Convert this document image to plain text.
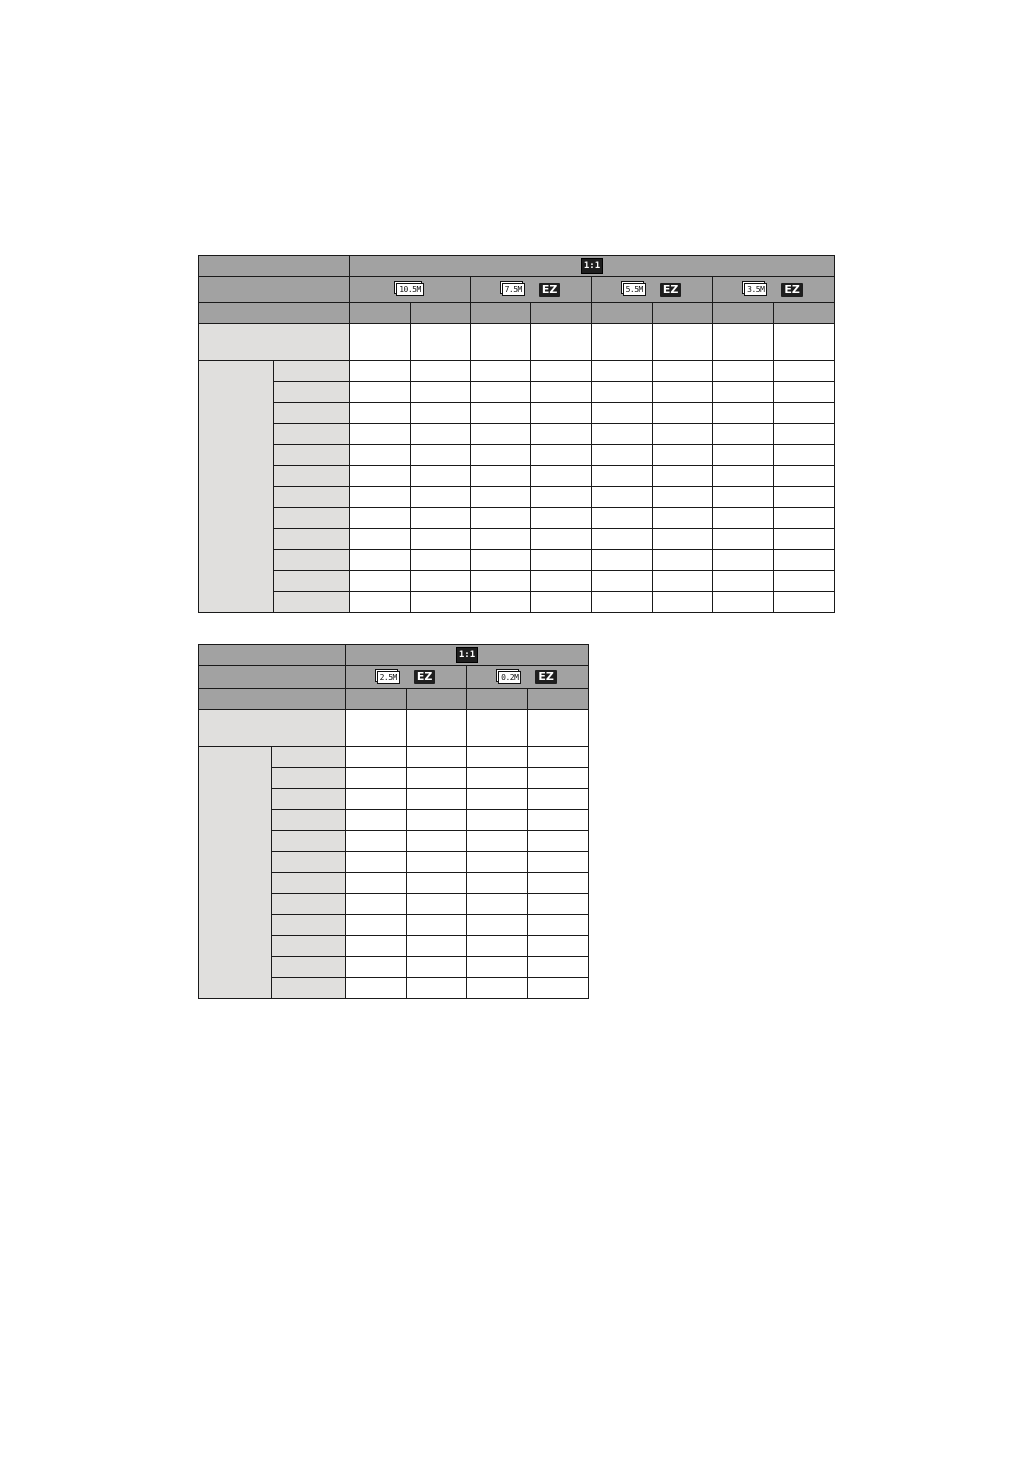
		1:1							

		10.5M		7.5M EZ		5.5M EZ		3.5M EZ	

		1:1			

		2.5M EZ		0.2M EZ	
